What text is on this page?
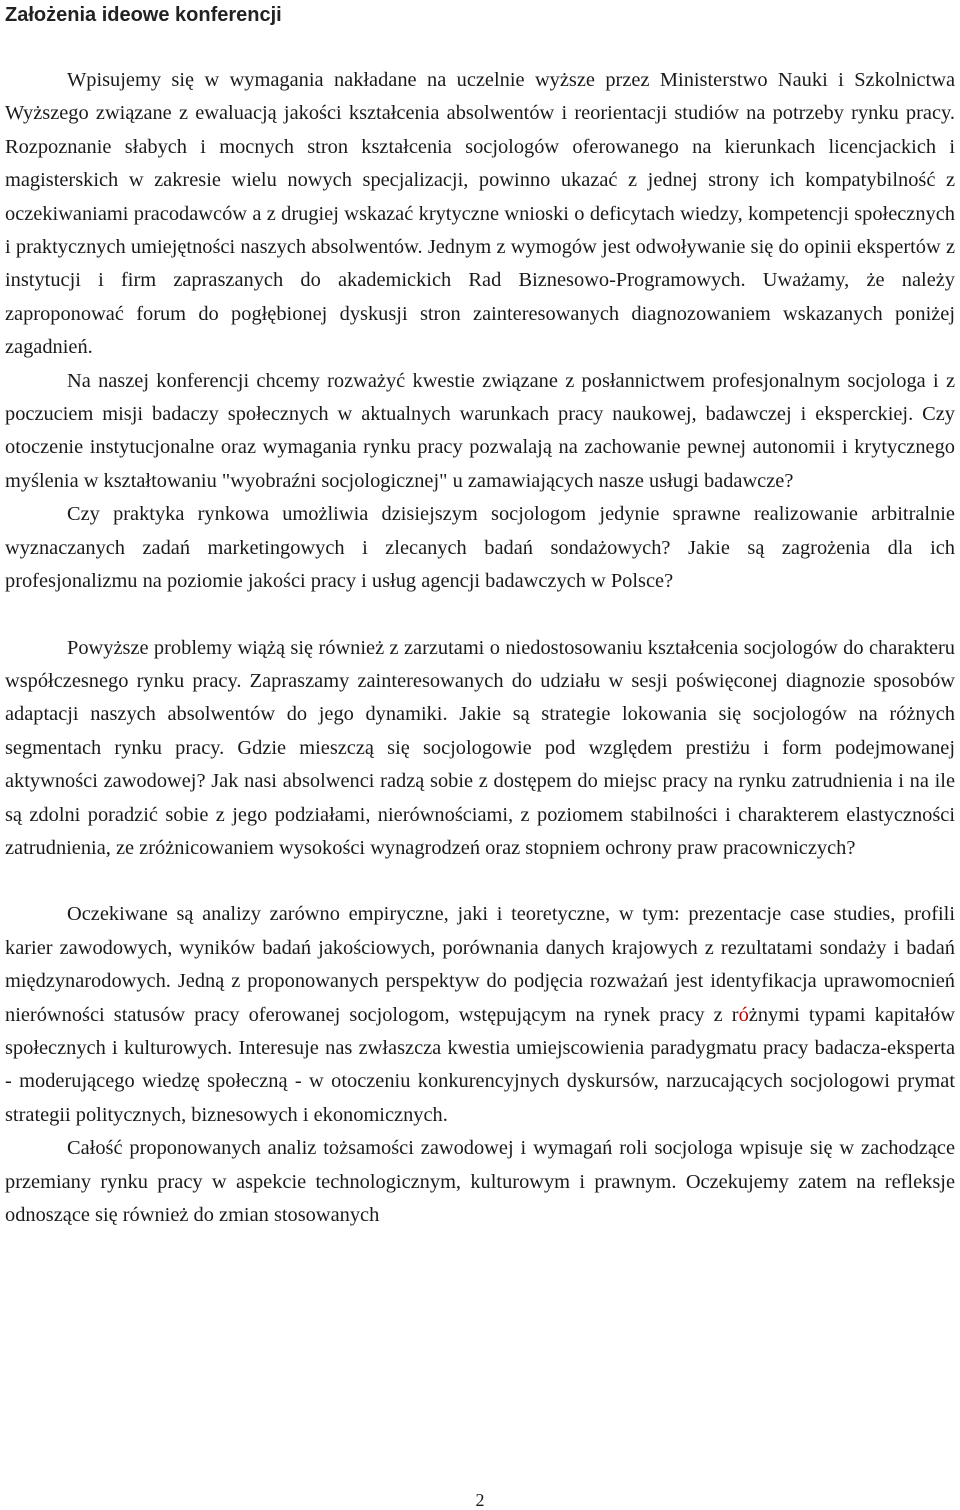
Założenia ideowe konferencji

Wpisujemy się w wymagania nakładane na uczelnie wyższe przez Ministerstwo Nauki i Szkolnictwa Wyższego związane z ewaluacją jakości kształcenia absolwentów i reorientacji studiów na potrzeby rynku pracy. Rozpoznanie słabych i mocnych stron kształcenia socjologów oferowanego na kierunkach licencjackich i magisterskich w zakresie wielu nowych specjalizacji, powinno ukazać z jednej strony ich kompatybilność z oczekiwaniami pracodawców a z drugiej wskazać krytyczne wnioski o deficytach wiedzy, kompetencji społecznych i praktycznych umiejętności naszych absolwentów. Jednym z wymogów jest odwoływanie się do opinii ekspertów z instytucji i firm zapraszanych do akademickich Rad Biznesowo-Programowych. Uważamy, że należy zaproponować forum do pogłębionej dyskusji stron zainteresowanych diagnozowaniem wskazanych poniżej zagadnień.

Na naszej konferencji chcemy rozważyć kwestie związane z posłannictwem profesjonalnym socjologa i z poczuciem misji badaczy społecznych w aktualnych warunkach pracy naukowej, badawczej i eksperckiej. Czy otoczenie instytucjonalne oraz wymagania rynku pracy pozwalają na zachowanie pewnej autonomii i krytycznego myślenia w kształtowaniu "wyobraźni socjologicznej" u zamawiających nasze usługi badawcze?

Czy praktyka rynkowa umożliwia dzisiejszym socjologom jedynie sprawne realizowanie arbitralnie wyznaczanych zadań marketingowych i zlecanych badań sondażowych? Jakie są zagrożenia dla ich profesjonalizmu na poziomie jakości pracy i usług agencji badawczych w Polsce?

Powyższe problemy wiążą się również z zarzutami o niedostosowaniu kształcenia socjologów do charakteru współczesnego rynku pracy. Zapraszamy zainteresowanych do udziału w sesji poświęconej diagnozie sposobów adaptacji naszych absolwentów do jego dynamiki. Jakie są strategie lokowania się socjologów na różnych segmentach rynku pracy. Gdzie mieszczą się socjologowie pod względem prestiżu i form podejmowanej aktywności zawodowej? Jak nasi absolwenci radzą sobie z dostępem do miejsc pracy na rynku zatrudnienia i na ile są zdolni poradzić sobie z jego podziałami, nierównościami, z poziomem stabilności i charakterem elastyczności zatrudnienia, ze zróżnicowaniem wysokości wynagrodzeń oraz stopniem ochrony praw pracowniczych?

Oczekiwane są analizy zarówno empiryczne, jaki i teoretyczne, w tym: prezentacje case studies, profili karier zawodowych, wyników badań jakościowych, porównania danych krajowych z rezultatami sondaży i badań międzynarodowych. Jedną z proponowanych perspektyw do podjęcia rozważań jest identyfikacja uprawomocnień nierówności statusów pracy oferowanej socjologom, wstępującym na rynek pracy z różnymi typami kapitałów społecznych i kulturowych. Interesuje nas zwłaszcza kwestia umiejscowienia paradygmatu pracy badacza-eksperta - moderującego wiedzę społeczną - w otoczeniu konkurencyjnych dyskursów, narzucających socjologowi prymat strategii politycznych, biznesowych i ekonomicznych.

Całość proponowanych analiz tożsamości zawodowej i wymagań roli socjologa wpisuje się w zachodzące przemiany rynku pracy w aspekcie technologicznym, kulturowym i prawnym. Oczekujemy zatem na refleksje odnoszące się również do zmian stosowanych

2
